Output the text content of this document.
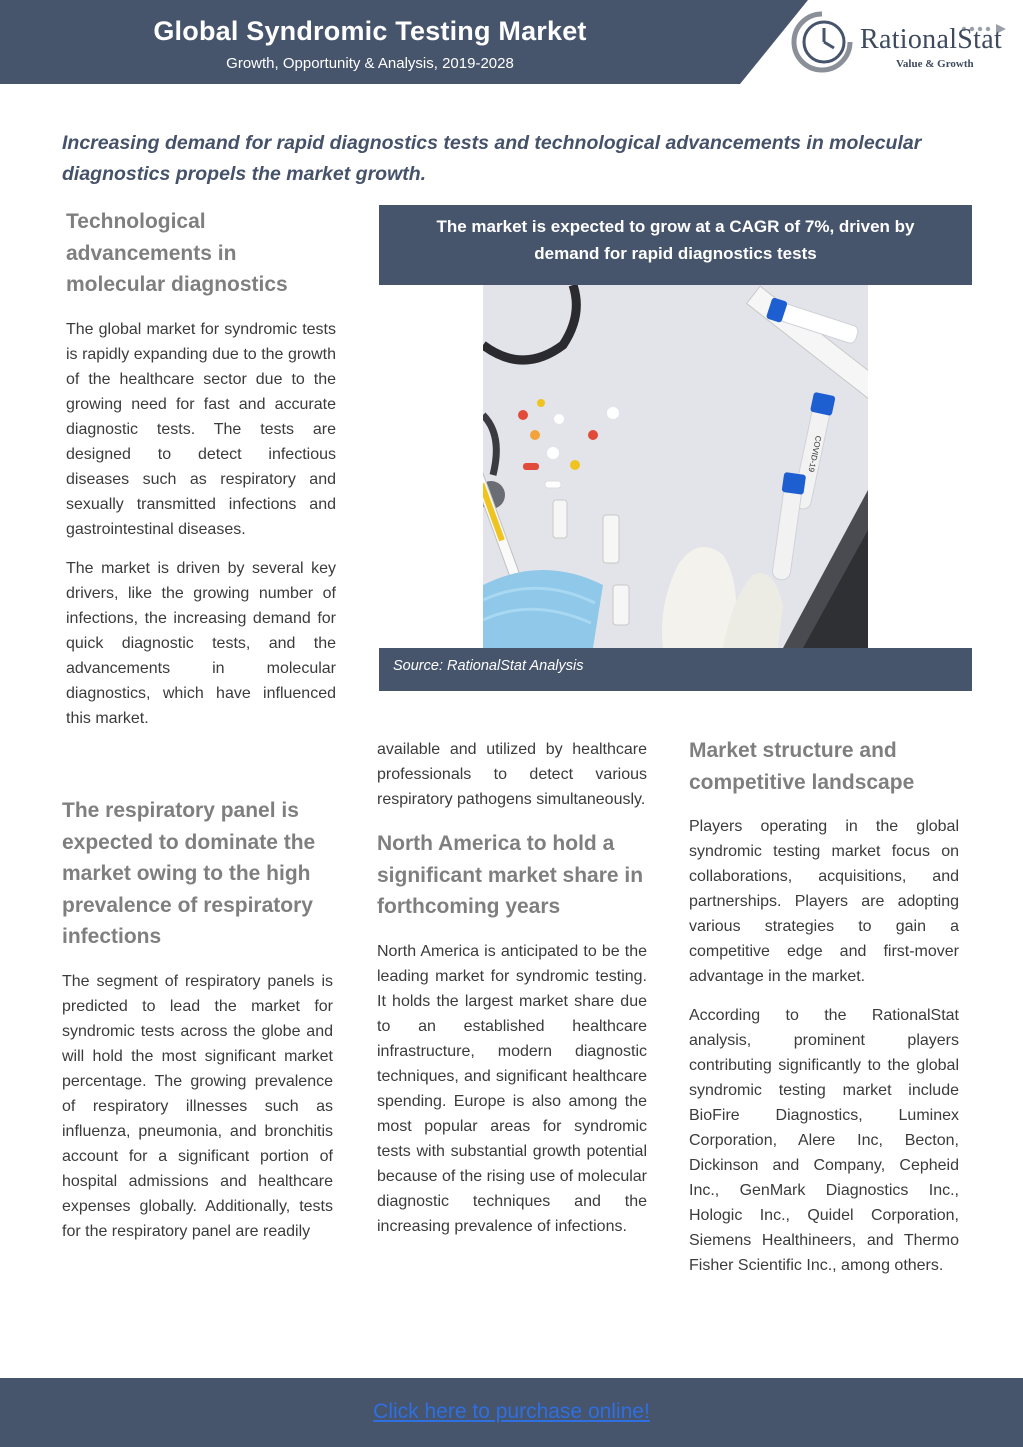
Global Syndromic Testing Market
Growth, Opportunity & Analysis, 2019-2028
RationalStat
Value & Growth
Increasing demand for rapid diagnostics tests and technological advancements in molecular diagnostics propels the market growth.
Technological advancements in molecular diagnostics

The global market for syndromic tests is rapidly expanding due to the growth of the healthcare sector due to the growing need for fast and accurate diagnostic tests. The tests are designed to detect infectious diseases such as respiratory and sexually transmitted infections and gastrointestinal diseases.

The market is driven by several key drivers, like the growing number of infections, the increasing demand for quick diagnostic tests, and the advancements in molecular diagnostics, which have influenced this market.

The respiratory panel is expected to dominate the market owing to the high prevalence of respiratory infections

The segment of respiratory panels is predicted to lead the market for syndromic tests across the globe and will hold the most significant market percentage. The growing prevalence of respiratory illnesses such as influenza, pneumonia, and bronchitis account for a significant portion of hospital admissions and healthcare expenses globally. Additionally, tests for the respiratory panel are readily

The market is expected to grow at a CAGR of 7%, driven by demand for rapid diagnostics tests
COVID-19
Source: RationalStat Analysis

available and utilized by healthcare professionals to detect various respiratory pathogens simultaneously.

North America to hold a significant market share in forthcoming years

North America is anticipated to be the leading market for syndromic testing. It holds the largest market share due to an established healthcare infrastructure, modern diagnostic techniques, and significant healthcare spending. Europe is also among the most popular areas for syndromic tests with substantial growth potential because of the rising use of molecular diagnostic techniques and the increasing prevalence of infections.

Market structure and competitive landscape

Players operating in the global syndromic testing market focus on collaborations, acquisitions, and partnerships. Players are adopting various strategies to gain a competitive edge and first-mover advantage in the market.

According to the RationalStat analysis, prominent players contributing significantly to the global syndromic testing market include BioFire Diagnostics, Luminex Corporation, Alere Inc, Becton, Dickinson and Company, Cepheid Inc., GenMark Diagnostics Inc., Hologic Inc., Quidel Corporation, Siemens Healthineers, and Thermo Fisher Scientific Inc., among others.

Click here to purchase online!
